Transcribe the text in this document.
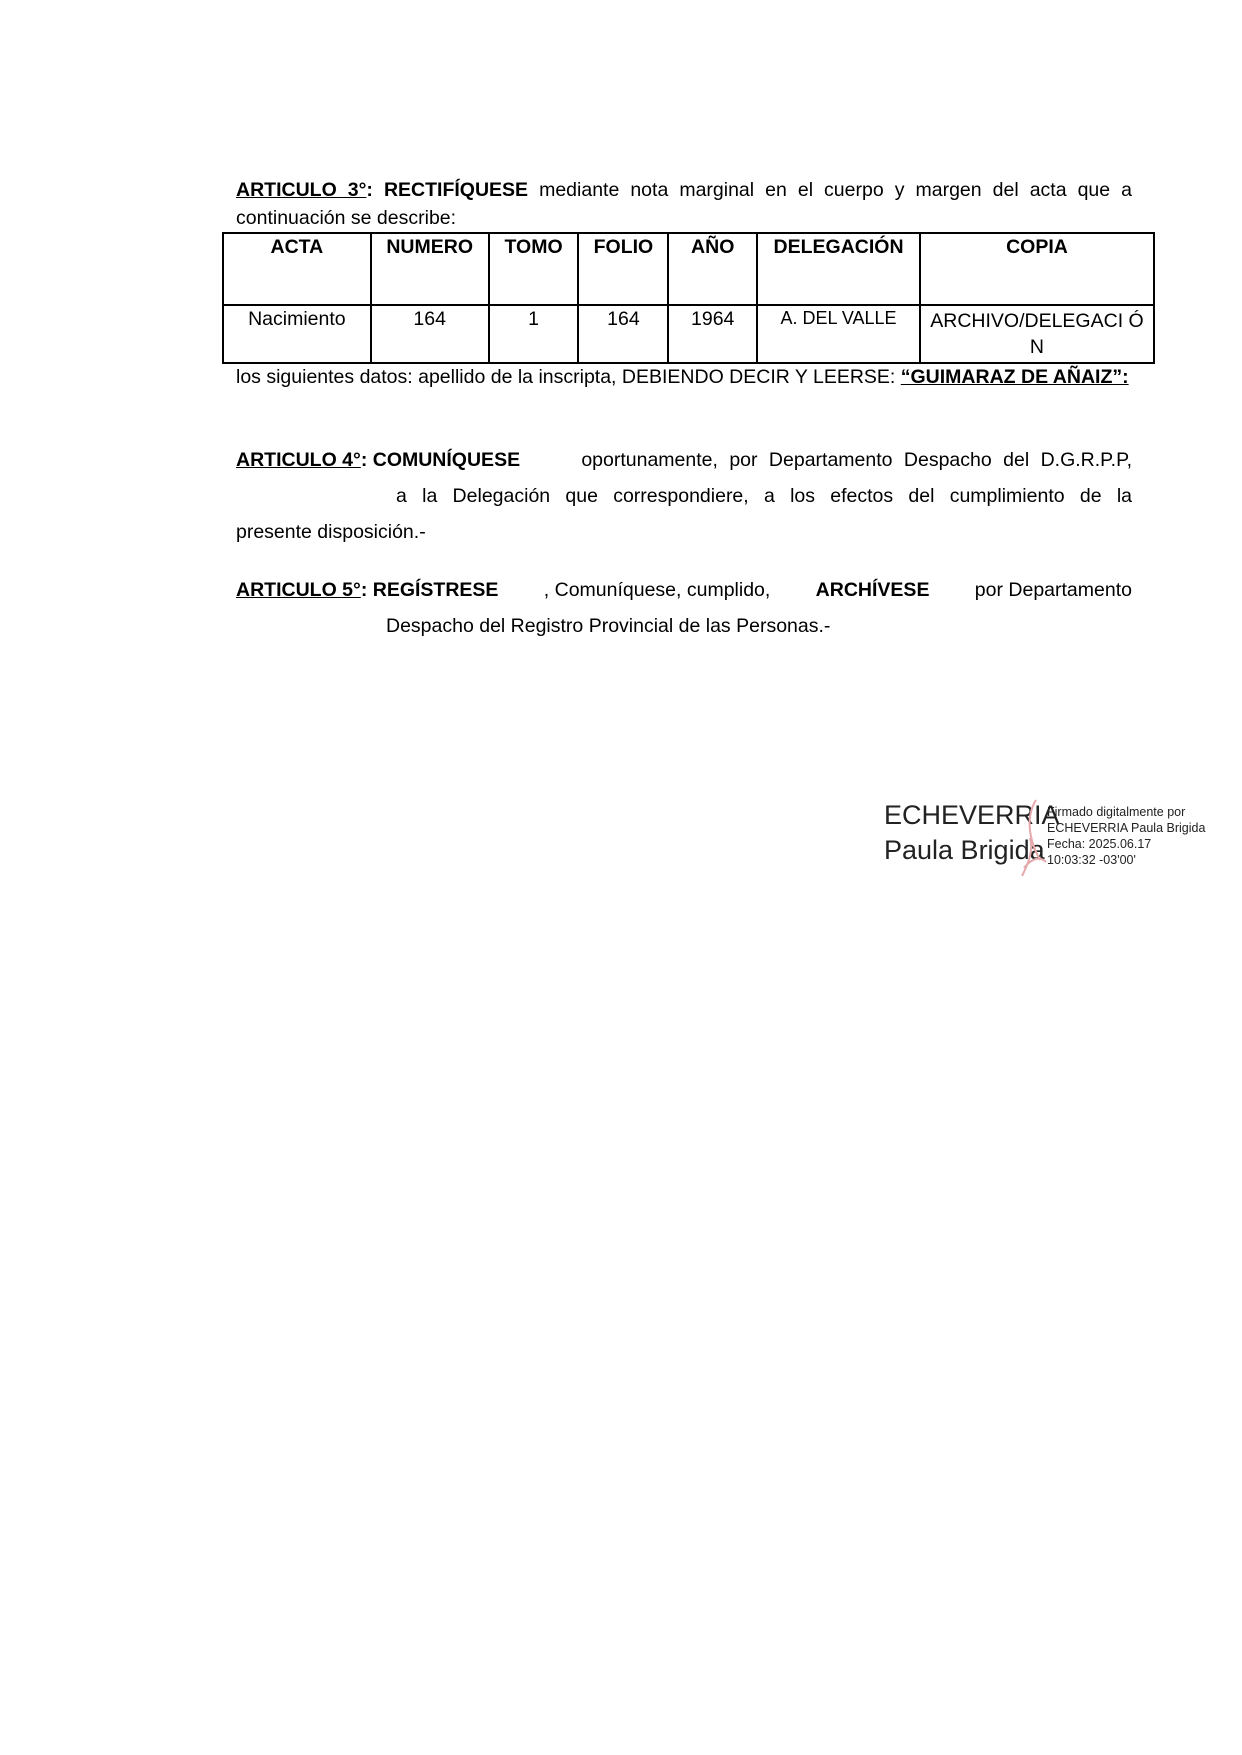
ARTICULO 3°: RECTIFÍQUESE mediante nota marginal en el cuerpo y margen del acta que a continuación se describe:
ACTA	NUMERO	TOMO	FOLIO	AÑO	DELEGACIÓN	COPIA
Nacimiento	164	1	164	1964	A. DEL VALLE	ARCHIVO/DELEGACI ÓN
los siguientes datos: apellido de la inscripta, DEBIENDO DECIR Y LEERSE: “GUIMARAZ DE AÑAIZ”:
ARTICULO 4°: COMUNÍQUESE	oportunamente, por Departamento Despacho del D.G.R.P.P,
a la Delegación que correspondiere, a los efectos del cumplimiento de la
presente disposición.-
ARTICULO 5°: REGÍSTRESE , Comuníquese, cumplido, ARCHÍVESE por Departamento
Despacho del Registro Provincial de las Personas.-
ECHEVERRIA
Paula Brigida
Firmado digitalmente por
ECHEVERRIA Paula Brigida
Fecha: 2025.06.17
10:03:32 -03'00'
